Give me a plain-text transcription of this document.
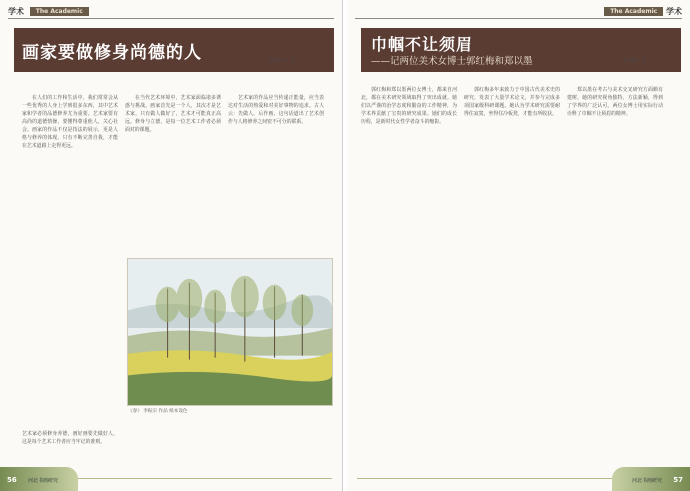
学术 The Academic
画家要做修身尚德的人	李振宗 / 文

在人们的工作和生活中，我们常常会从一些优秀的人身上学到很多东西，其中艺术家和学者的品德修养尤为重要。艺术家要有高尚的道德情操，要懂得尊重他人，关心社会。画家的作品不仅是技法的展示，更是人格与修养的体现。只有不断完善自我，才能在艺术道路上走得更远。

在当代艺术环境中，艺术家面临诸多诱惑与挑战。画家首先是一个人，其次才是艺术家。只有做人做好了，艺术才可能真正高远。修身与立德，是每一位艺术工作者必须面对的课题。

艺术家的作品应当传递正能量，应当表达对生活的热爱和对美好事物的追求。古人云：先做人，后作画。这句话道出了艺术创作与人格修养之间密不可分的联系。

《春》 李振宗 作品 纸本设色
艺术家必须修身养德，画好画要先做好人，这是每个艺术工作者应当牢记的准则。
56 河北书画研究
The Academic 学术
巾帼不让须眉
——记两位美术女博士郭红梅和郑以墨	李 雄 / 文

郭红梅和郑以墨两位女博士，都来自河北，都在美术研究领域取得了突出成就。她们以严谨的治学态度和勤奋的工作精神，为学术界贡献了宝贵的研究成果。她们的成长历程，是新时代女性学者奋斗的缩影。

郭红梅多年来致力于中国古代美术史的研究，发表了大量学术论文，并参与完成多项国家级科研课题。她认为学术研究需要耐得住寂寞，坐得住冷板凳，才能有所收获。

郑以墨在考古与美术交叉研究方面颇有建树，她的研究视角独特，方法新颖，得到了学界的广泛认可。两位女博士用实际行动诠释了巾帼不让须眉的精神。

57
河北书画研究
